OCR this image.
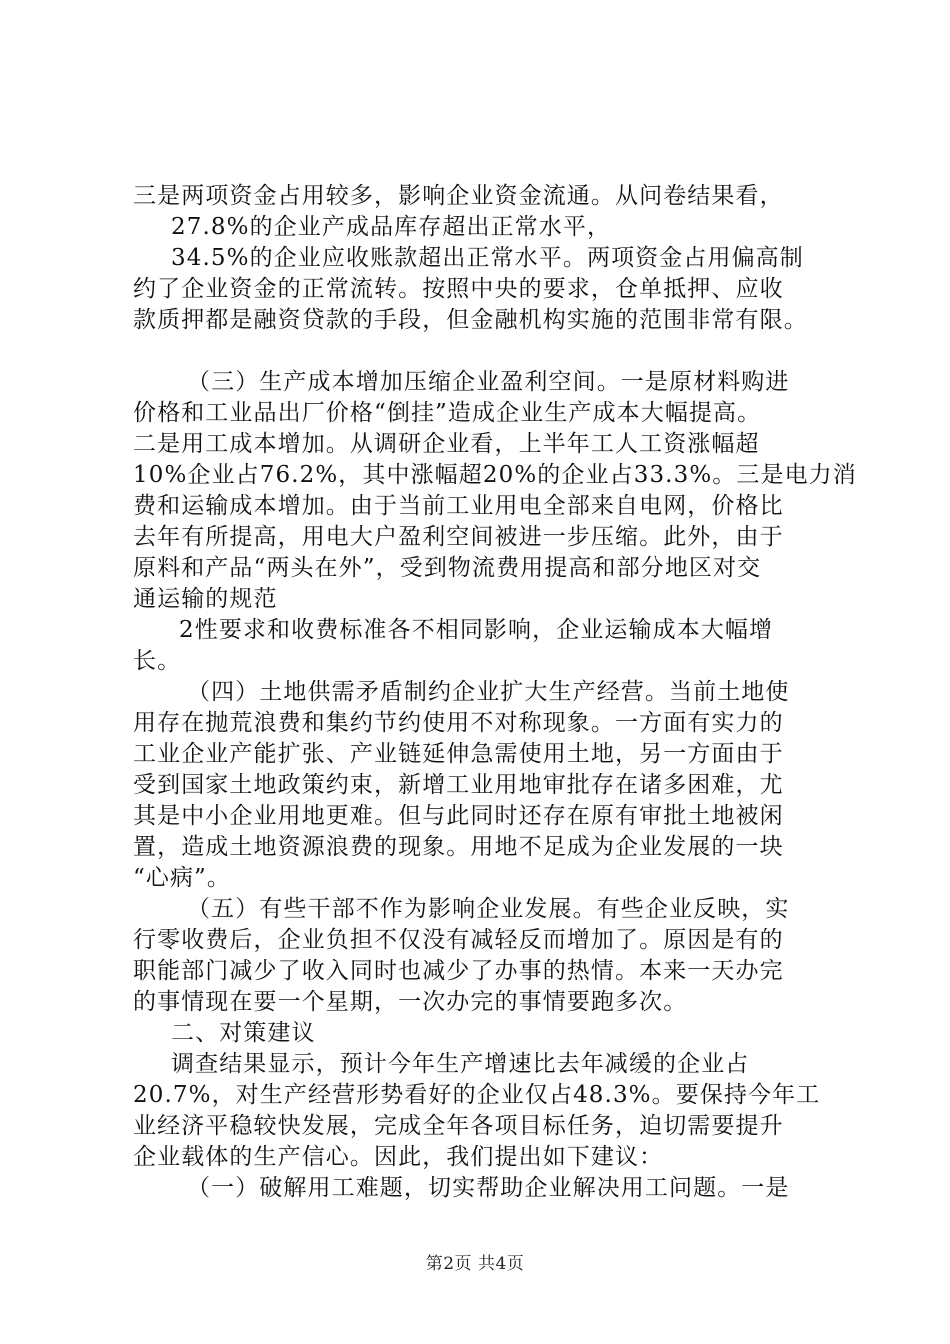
三是两项资金占用较多，影响企业资金流通。从问卷结果看，
27.8%的企业产成品库存超出正常水平，
34.5%的企业应收账款超出正常水平。两项资金占用偏高制
约了企业资金的正常流转。按照中央的要求，仓单抵押、应收
款质押都是融资贷款的手段，但金融机构实施的范围非常有限。
（三）生产成本增加压缩企业盈利空间。一是原材料购进
价格和工业品出厂价格“倒挂”造成企业生产成本大幅提高。
二是用工成本增加。从调研企业看，上半年工人工资涨幅超
10%企业占76.2%，其中涨幅超20%的企业占33.3%。三是电力消
费和运输成本增加。由于当前工业用电全部来自电网，价格比
去年有所提高，用电大户盈利空间被进一步压缩。此外，由于
原料和产品“两头在外”，受到物流费用提高和部分地区对交
通运输的规范
2性要求和收费标准各不相同影响，企业运输成本大幅增
长。
（四）土地供需矛盾制约企业扩大生产经营。当前土地使
用存在抛荒浪费和集约节约使用不对称现象。一方面有实力的
工业企业产能扩张、产业链延伸急需使用土地，另一方面由于
受到国家土地政策约束，新增工业用地审批存在诸多困难，尤
其是中小企业用地更难。但与此同时还存在原有审批土地被闲
置，造成土地资源浪费的现象。用地不足成为企业发展的一块
“心病”。
（五）有些干部不作为影响企业发展。有些企业反映，实
行零收费后，企业负担不仅没有减轻反而增加了。原因是有的
职能部门减少了收入同时也减少了办事的热情。本来一天办完
的事情现在要一个星期，一次办完的事情要跑多次。
二、对策建议
调查结果显示，预计今年生产增速比去年减缓的企业占
20.7%，对生产经营形势看好的企业仅占48.3%。要保持今年工
业经济平稳较快发展，完成全年各项目标任务，迫切需要提升
企业载体的生产信心。因此，我们提出如下建议：
（一）破解用工难题，切实帮助企业解决用工问题。一是
第2页 共4页
